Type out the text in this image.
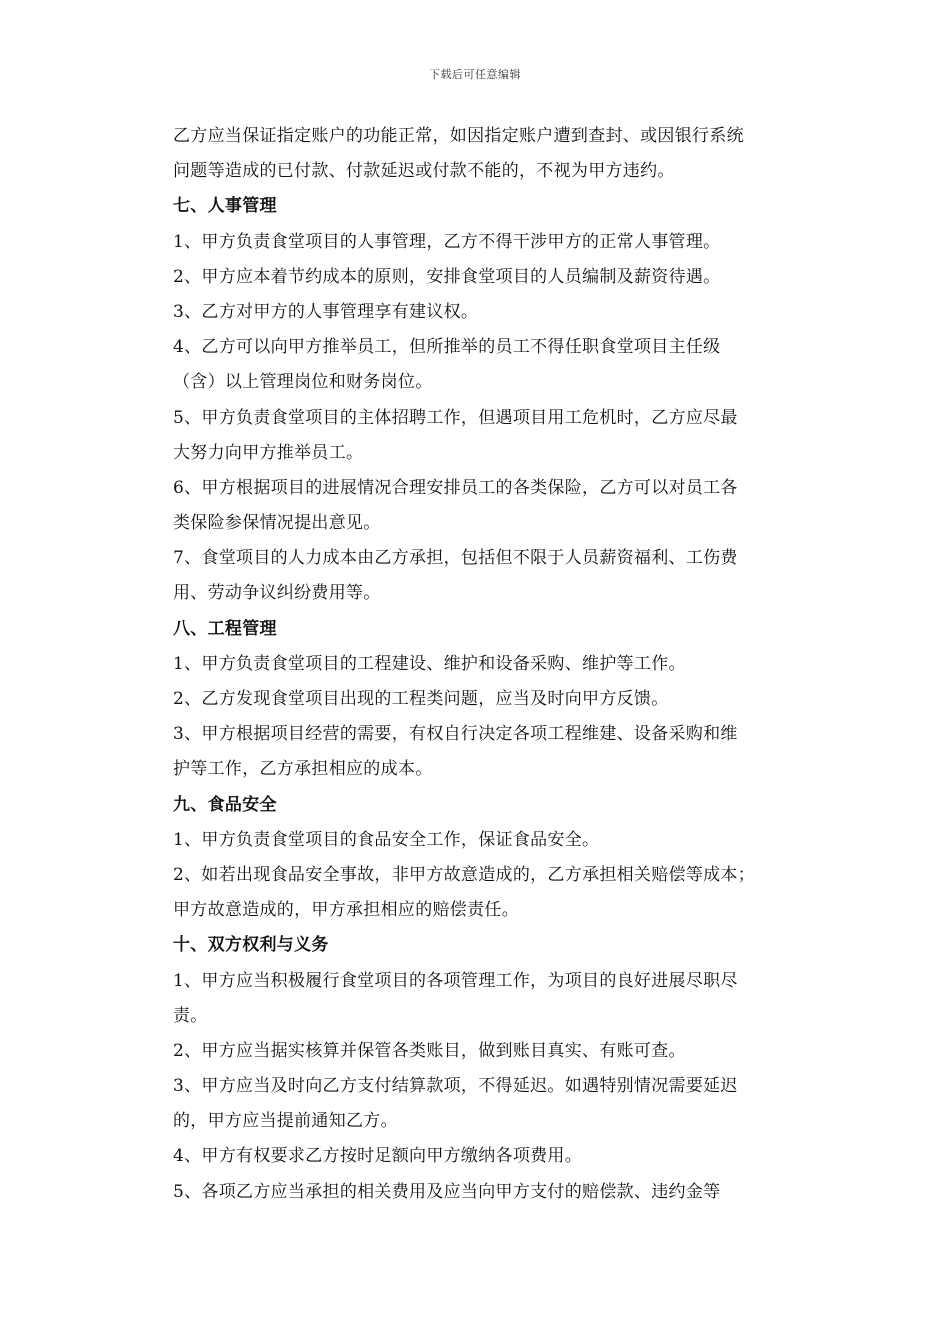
下载后可任意编辑
乙方应当保证指定账户的功能正常，如因指定账户遭到查封、或因银行系统
问题等造成的已付款、付款延迟或付款不能的，不视为甲方违约。
七、人事管理
1、甲方负责食堂项目的人事管理，乙方不得干涉甲方的正常人事管理。
2、甲方应本着节约成本的原则，安排食堂项目的人员编制及薪资待遇。
3、乙方对甲方的人事管理享有建议权。
4、乙方可以向甲方推举员工，但所推举的员工不得任职食堂项目主任级
（含）以上管理岗位和财务岗位。
5、甲方负责食堂项目的主体招聘工作，但遇项目用工危机时，乙方应尽最
大努力向甲方推举员工。
6、甲方根据项目的进展情况合理安排员工的各类保险，乙方可以对员工各
类保险参保情况提出意见。
7、食堂项目的人力成本由乙方承担，包括但不限于人员薪资福利、工伤费
用、劳动争议纠纷费用等。
八、工程管理
1、甲方负责食堂项目的工程建设、维护和设备采购、维护等工作。
2、乙方发现食堂项目出现的工程类问题，应当及时向甲方反馈。
3、甲方根据项目经营的需要，有权自行决定各项工程维建、设备采购和维
护等工作，乙方承担相应的成本。
九、食品安全
1、甲方负责食堂项目的食品安全工作，保证食品安全。
2、如若出现食品安全事故，非甲方故意造成的，乙方承担相关赔偿等成本；
甲方故意造成的，甲方承担相应的赔偿责任。
十、双方权利与义务
1、甲方应当积极履行食堂项目的各项管理工作，为项目的良好进展尽职尽
责。
2、甲方应当据实核算并保管各类账目，做到账目真实、有账可查。
3、甲方应当及时向乙方支付结算款项，不得延迟。如遇特别情况需要延迟
的，甲方应当提前通知乙方。
4、甲方有权要求乙方按时足额向甲方缴纳各项费用。
5、各项乙方应当承担的相关费用及应当向甲方支付的赔偿款、违约金等
